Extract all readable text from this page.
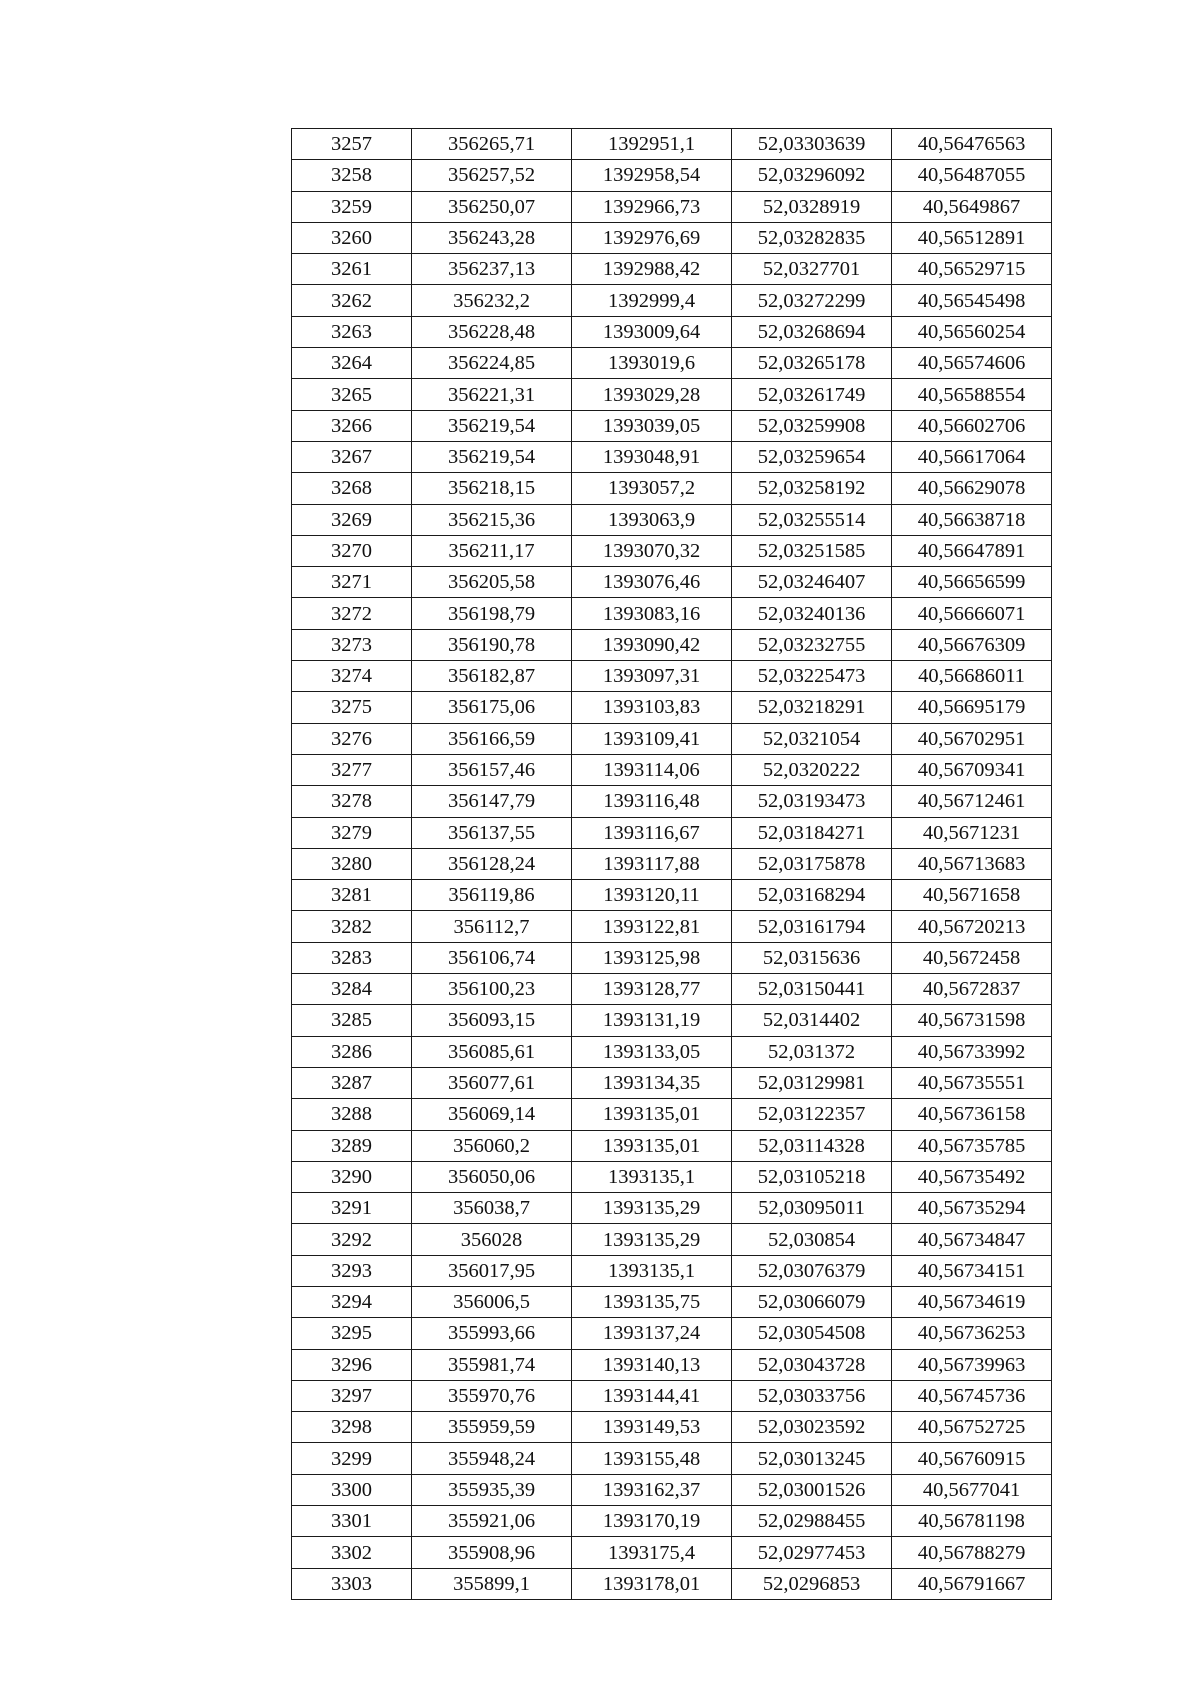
3257	356265,71	1392951,1	52,03303639	40,56476563
3258	356257,52	1392958,54	52,03296092	40,56487055
3259	356250,07	1392966,73	52,0328919	40,5649867
3260	356243,28	1392976,69	52,03282835	40,56512891
3261	356237,13	1392988,42	52,0327701	40,56529715
3262	356232,2	1392999,4	52,03272299	40,56545498
3263	356228,48	1393009,64	52,03268694	40,56560254
3264	356224,85	1393019,6	52,03265178	40,56574606
3265	356221,31	1393029,28	52,03261749	40,56588554
3266	356219,54	1393039,05	52,03259908	40,56602706
3267	356219,54	1393048,91	52,03259654	40,56617064
3268	356218,15	1393057,2	52,03258192	40,56629078
3269	356215,36	1393063,9	52,03255514	40,56638718
3270	356211,17	1393070,32	52,03251585	40,56647891
3271	356205,58	1393076,46	52,03246407	40,56656599
3272	356198,79	1393083,16	52,03240136	40,56666071
3273	356190,78	1393090,42	52,03232755	40,56676309
3274	356182,87	1393097,31	52,03225473	40,56686011
3275	356175,06	1393103,83	52,03218291	40,56695179
3276	356166,59	1393109,41	52,0321054	40,56702951
3277	356157,46	1393114,06	52,0320222	40,56709341
3278	356147,79	1393116,48	52,03193473	40,56712461
3279	356137,55	1393116,67	52,03184271	40,5671231
3280	356128,24	1393117,88	52,03175878	40,56713683
3281	356119,86	1393120,11	52,03168294	40,5671658
3282	356112,7	1393122,81	52,03161794	40,56720213
3283	356106,74	1393125,98	52,0315636	40,5672458
3284	356100,23	1393128,77	52,03150441	40,5672837
3285	356093,15	1393131,19	52,0314402	40,56731598
3286	356085,61	1393133,05	52,031372	40,56733992
3287	356077,61	1393134,35	52,03129981	40,56735551
3288	356069,14	1393135,01	52,03122357	40,56736158
3289	356060,2	1393135,01	52,03114328	40,56735785
3290	356050,06	1393135,1	52,03105218	40,56735492
3291	356038,7	1393135,29	52,03095011	40,56735294
3292	356028	1393135,29	52,030854	40,56734847
3293	356017,95	1393135,1	52,03076379	40,56734151
3294	356006,5	1393135,75	52,03066079	40,56734619
3295	355993,66	1393137,24	52,03054508	40,56736253
3296	355981,74	1393140,13	52,03043728	40,56739963
3297	355970,76	1393144,41	52,03033756	40,56745736
3298	355959,59	1393149,53	52,03023592	40,56752725
3299	355948,24	1393155,48	52,03013245	40,56760915
3300	355935,39	1393162,37	52,03001526	40,5677041
3301	355921,06	1393170,19	52,02988455	40,56781198
3302	355908,96	1393175,4	52,02977453	40,56788279
3303	355899,1	1393178,01	52,0296853	40,56791667
